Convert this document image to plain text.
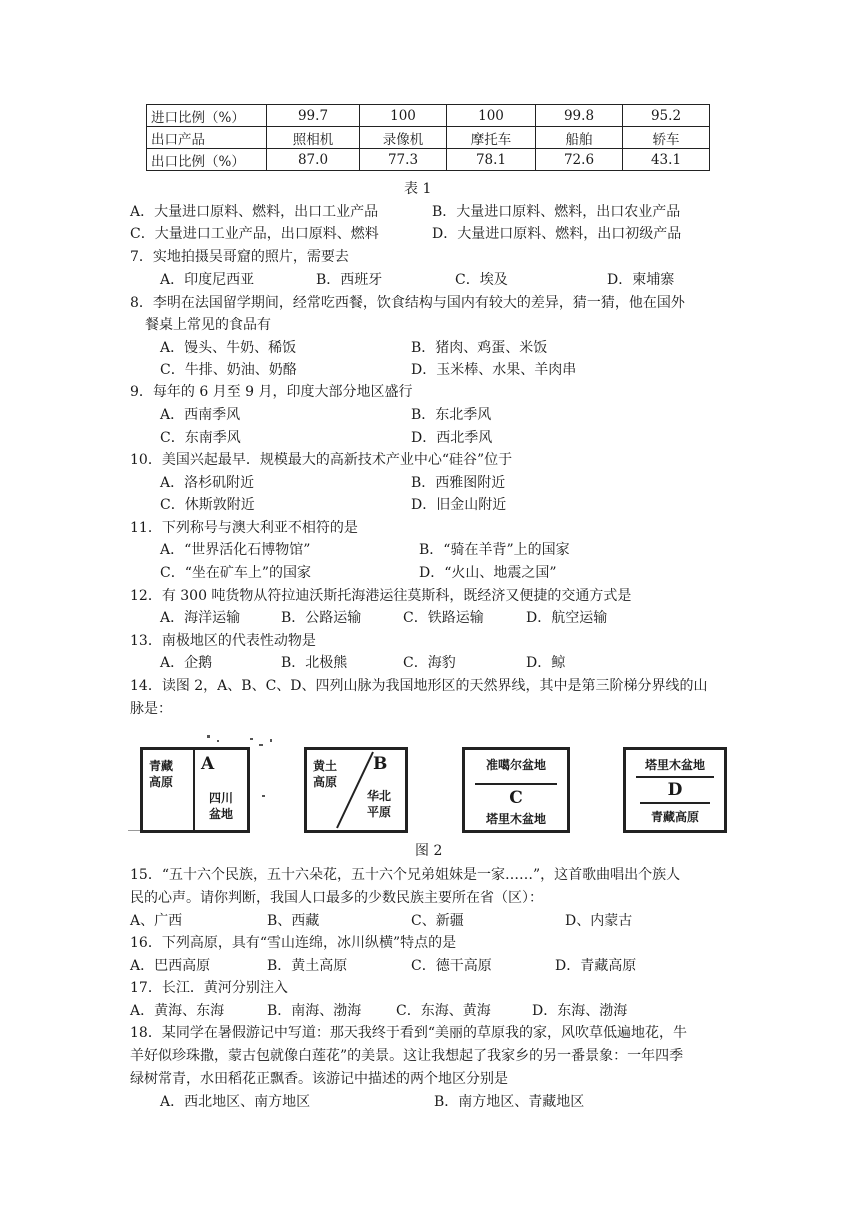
进口比例（%）	99.7	100	100	99.8	95.2
出口产品	照相机	录像机	摩托车	船舶	轿车
出口比例（%）	87.0	77.3	78.1	72.6	43.1
表 1
A．大量进口原料、燃料，出口工业产品	B．大量进口原料、燃料，出口农业产品
C．大量进口工业产品，出口原料、燃料	D．大量进口原料、燃料，出口初级产品
7．实地拍摄吴哥窟的照片，需要去
A．印度尼西亚	B．西班牙	C．埃及	D．柬埔寨
8．李明在法国留学期间，经常吃西餐，饮食结构与国内有较大的差异，猜一猜，他在国外
餐桌上常见的食品有
A．馒头、牛奶、稀饭	B．猪肉、鸡蛋、米饭
C．牛排、奶油、奶酪	D．玉米棒、水果、羊肉串
9．每年的 6 月至 9 月，印度大部分地区盛行
A．西南季风	B．东北季风
C．东南季风	D．西北季风
10．美国兴起最早．规模最大的高新技术产业中心“硅谷”位于
A．洛杉矶附近	B．西雅图附近
C．休斯敦附近	D．旧金山附近
11．下列称号与澳大利亚不相符的是
A．“世界活化石博物馆”	B．“骑在羊背”上的国家
C．“坐在矿车上”的国家	D．“火山、地震之国”
12．有 300 吨货物从符拉迪沃斯托海港运往莫斯科，既经济又便捷的交通方式是
A．海洋运输	B．公路运输	C．铁路运输	D．航空运输
13．南极地区的代表性动物是
A．企鹅	B．北极熊	C．海豹	D．鲸
14．读图 2，A、B、C、D、四列山脉为我国地形区的天然界线，其中是第三阶梯分界线的山
脉是：
青藏高原
A
四川盆地
黄土高原
B
华北平原
准噶尔盆地
C
塔里木盆地
塔里木盆地
D
青藏高原
图 2
15．“五十六个民族，五十六朵花，五十六个兄弟姐妹是一家……”，这首歌曲唱出个族人
民的心声。请你判断，我国人口最多的少数民族主要所在省（区）：
A、广西	B、西藏	C、新疆	D、内蒙古
16．下列高原，具有“雪山连绵，冰川纵横”特点的是
A．巴西高原	B．黄土高原	C．德干高原	D．青藏高原
17．长江．黄河分别注入
A．黄海、东海	B．南海、渤海 C．东海、黄海	D．东海、渤海
18．某同学在暑假游记中写道：那天我终于看到“美丽的草原我的家，风吹草低遍地花，牛
羊好似珍珠撒，蒙古包就像白莲花”的美景。这让我想起了我家乡的另一番景象：一年四季
绿树常青，水田稻花正飘香。该游记中描述的两个地区分别是
A．西北地区、南方地区	B．南方地区、青藏地区
